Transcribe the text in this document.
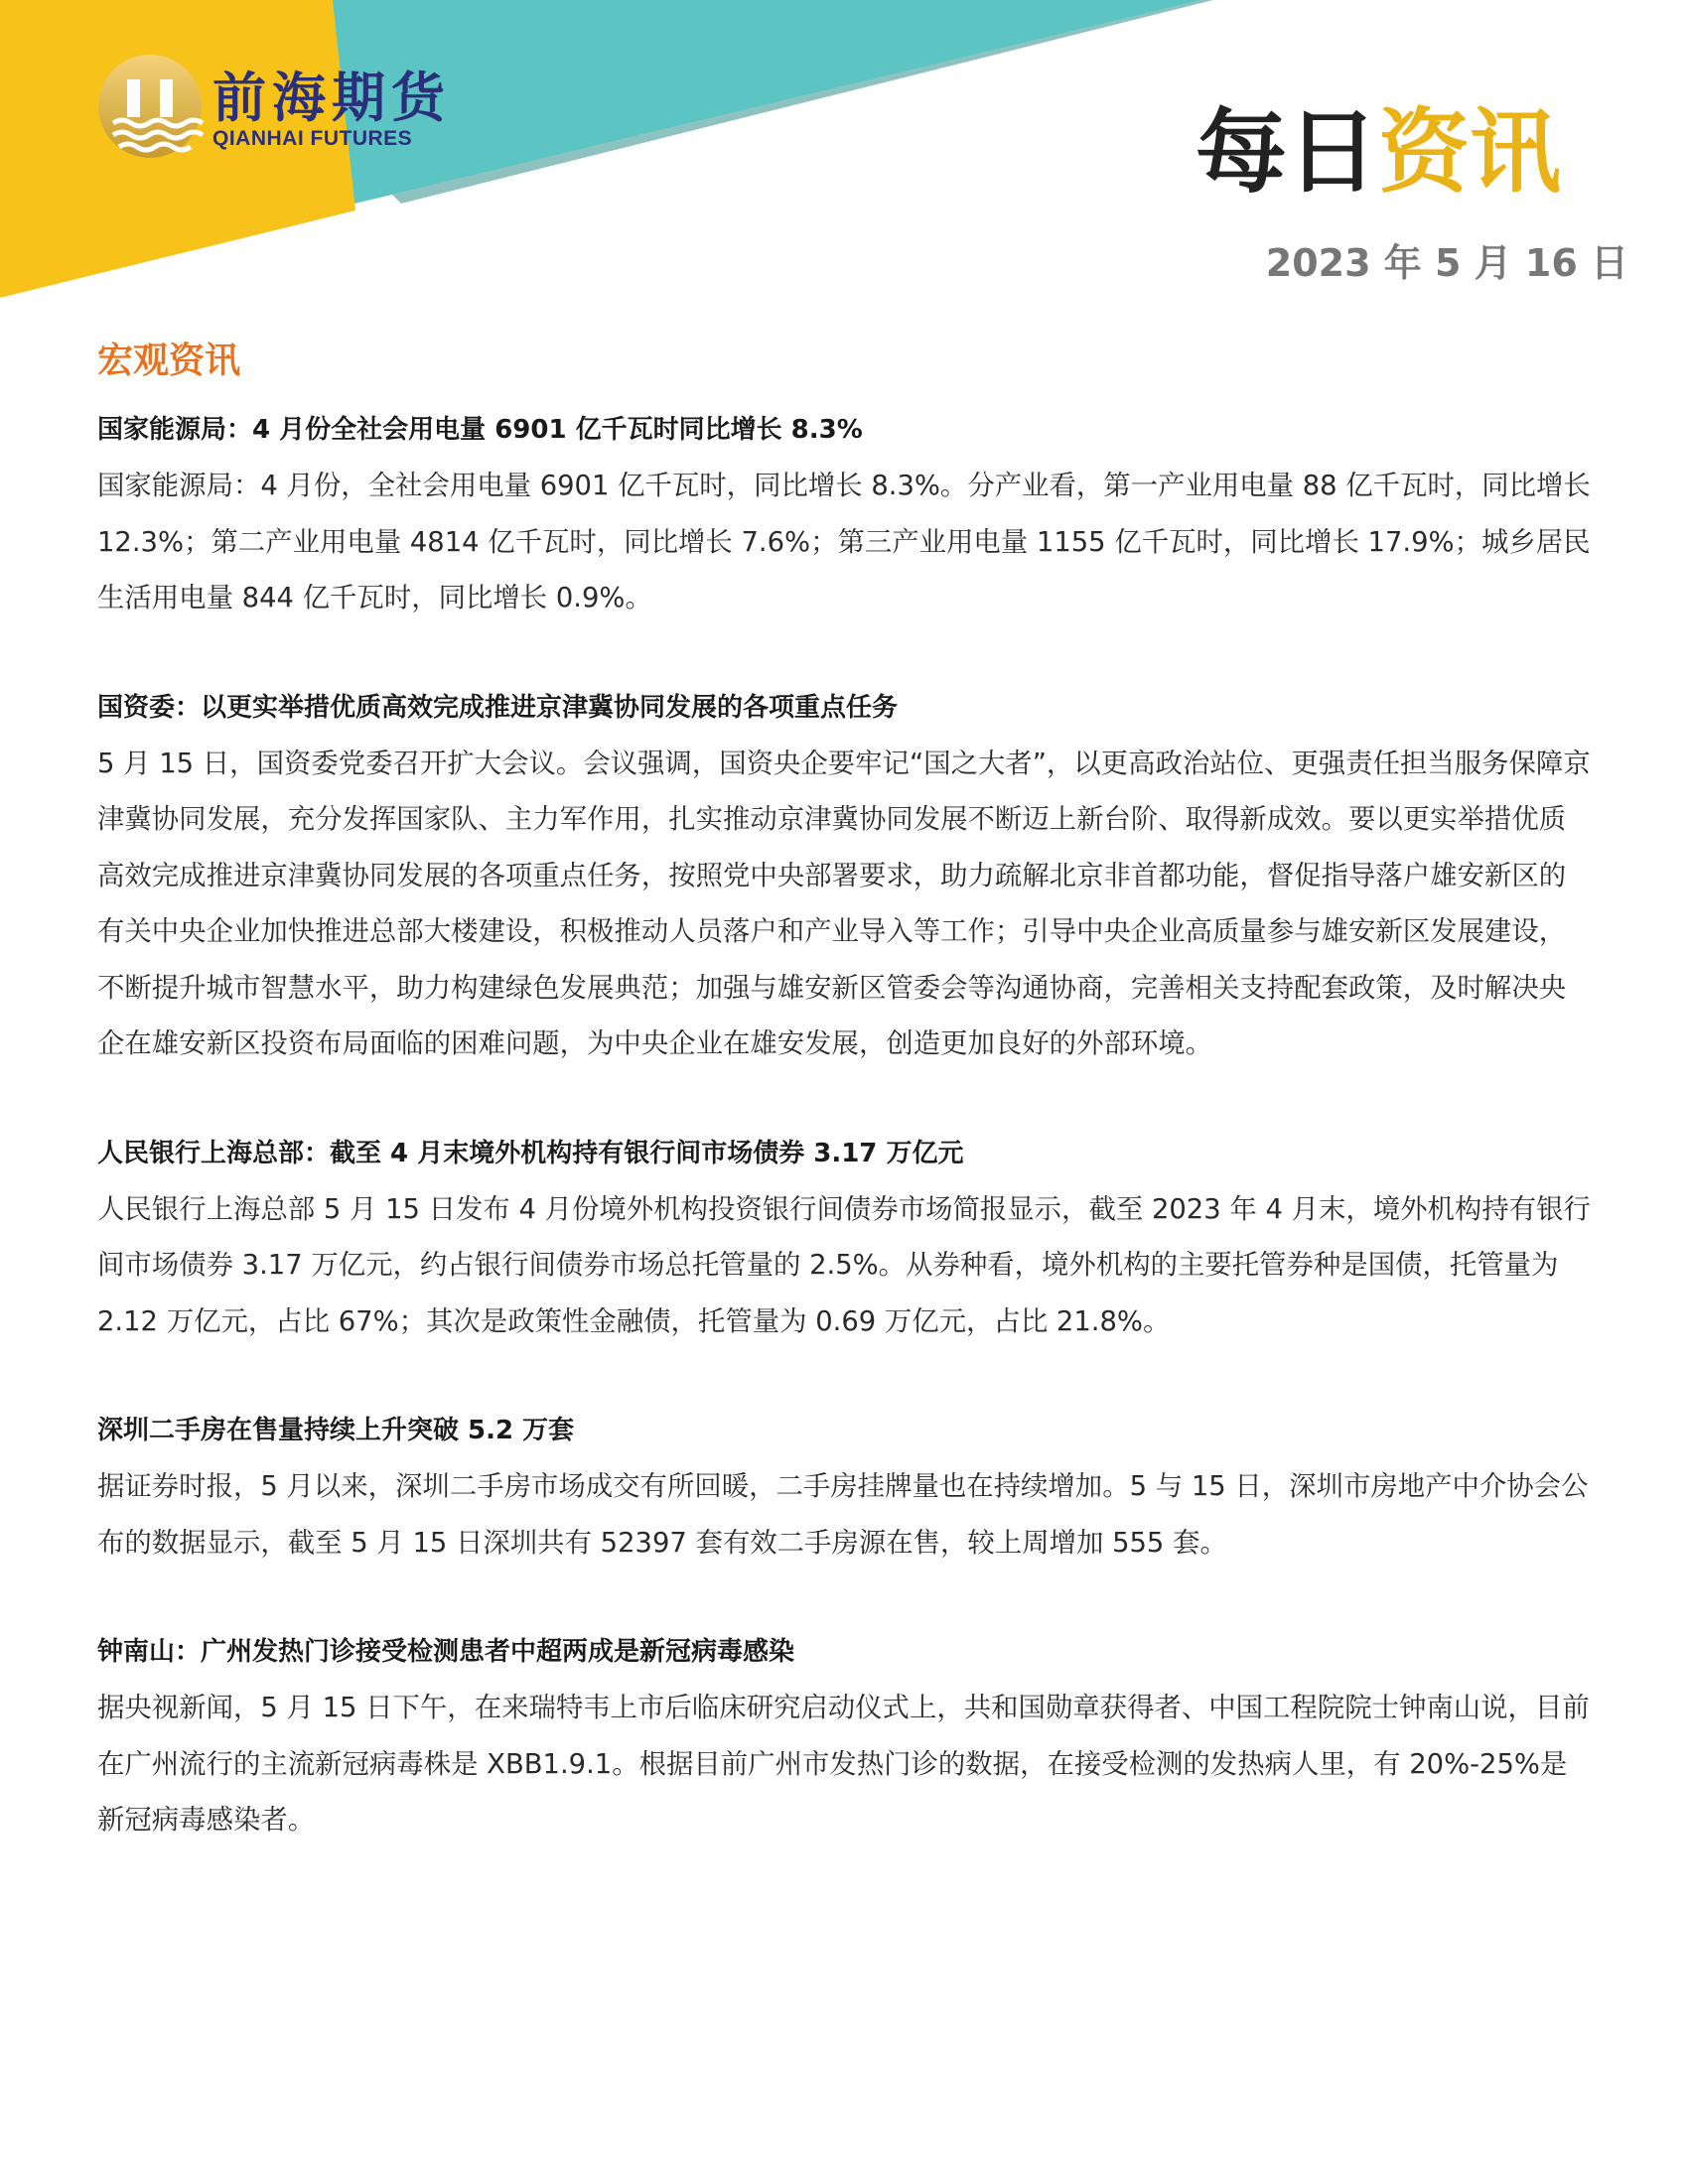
前海期货
QIANHAI FUTURES	每日资讯
2023 年 5 月 16 日
宏观资讯

国家能源局：4 月份全社会用电量 6901 亿千瓦时同比增长 8.3%

国家能源局：4 月份，全社会用电量 6901 亿千瓦时，同比增长 8.3%。分产业看，第一产业用电量 88 亿千瓦时，同比增长 12.3%；第二产业用电量 4814 亿千瓦时，同比增长 7.6%；第三产业用电量 1155 亿千瓦时，同比增长 17.9%；城乡居民生活用电量 844 亿千瓦时，同比增长 0.9%。

国资委：以更实举措优质高效完成推进京津冀协同发展的各项重点任务

5 月 15 日，国资委党委召开扩大会议。会议强调，国资央企要牢记“国之大者”，以更高政治站位、更强责任担当服务保障京津冀协同发展，充分发挥国家队、主力军作用，扎实推动京津冀协同发展不断迈上新台阶、取得新成效。要以更实举措优质高效完成推进京津冀协同发展的各项重点任务，按照党中央部署要求，助力疏解北京非首都功能，督促指导落户雄安新区的有关中央企业加快推进总部大楼建设，积极推动人员落户和产业导入等工作；引导中央企业高质量参与雄安新区发展建设，不断提升城市智慧水平，助力构建绿色发展典范；加强与雄安新区管委会等沟通协商，完善相关支持配套政策，及时解决央企在雄安新区投资布局面临的困难问题，为中央企业在雄安发展，创造更加良好的外部环境。

人民银行上海总部：截至 4 月末境外机构持有银行间市场债券 3.17 万亿元

人民银行上海总部 5 月 15 日发布 4 月份境外机构投资银行间债券市场简报显示，截至 2023 年 4 月末，境外机构持有银行间市场债券 3.17 万亿元，约占银行间债券市场总托管量的 2.5%。从券种看，境外机构的主要托管券种是国债，托管量为 2.12 万亿元，占比 67%；其次是政策性金融债，托管量为 0.69 万亿元，占比 21.8%。

深圳二手房在售量持续上升突破 5.2 万套

据证券时报，5 月以来，深圳二手房市场成交有所回暖，二手房挂牌量也在持续增加。5 与 15 日，深圳市房地产中介协会公布的数据显示，截至 5 月 15 日深圳共有 52397 套有效二手房源在售，较上周增加 555 套。

钟南山：广州发热门诊接受检测患者中超两成是新冠病毒感染

据央视新闻，5 月 15 日下午，在来瑞特韦上市后临床研究启动仪式上，共和国勋章获得者、中国工程院院士钟南山说，目前在广州流行的主流新冠病毒株是 XBB1.9.1。根据目前广州市发热门诊的数据，在接受检测的发热病人里，有 20%-25%是新冠病毒感染者。
